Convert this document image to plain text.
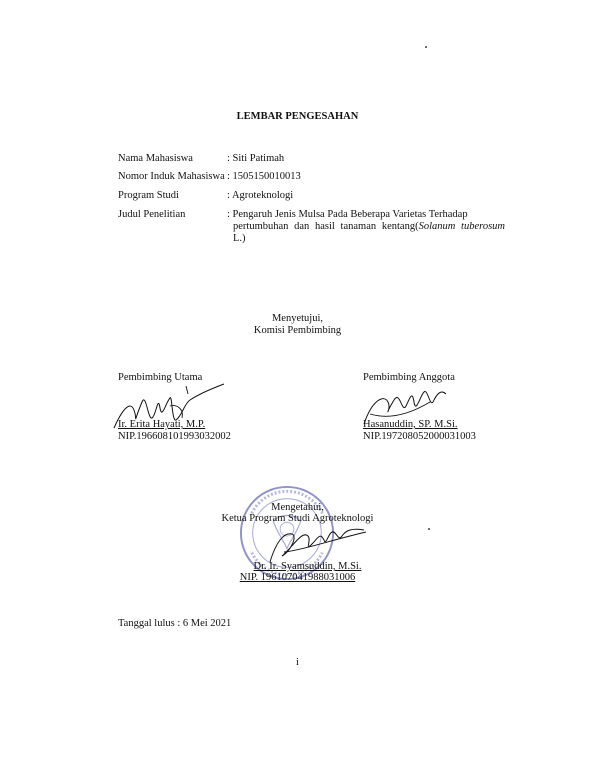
LEMBAR PENGESAHAN
Nama Mahasiswa	: Siti Patimah
Nomor Induk Mahasiswa : 1505150010013
Program Studi	: Agroteknologi
Judul Penelitian	: Pengaruh Jenis Mulsa Pada Beberapa Varietas Terhadap
pertumbuhan dan hasil tanaman kentang(Solanum tuberosum
L.)
Menyetujui,
Komisi Pembimbing
Pembimbing Utama	Pembimbing Anggota
Ir. Erita Hayati, M.P.
NIP.196608101993032002
Hasanuddin, SP. M.Si.
NIP.197208052000031003
Mengetahui,
Ketua Program Studi Agroteknologi
Dr. Ir. Syamsuddin, M.Si.
NIP. 196107041988031006
Tanggal lulus : 6 Mei 2021
i
